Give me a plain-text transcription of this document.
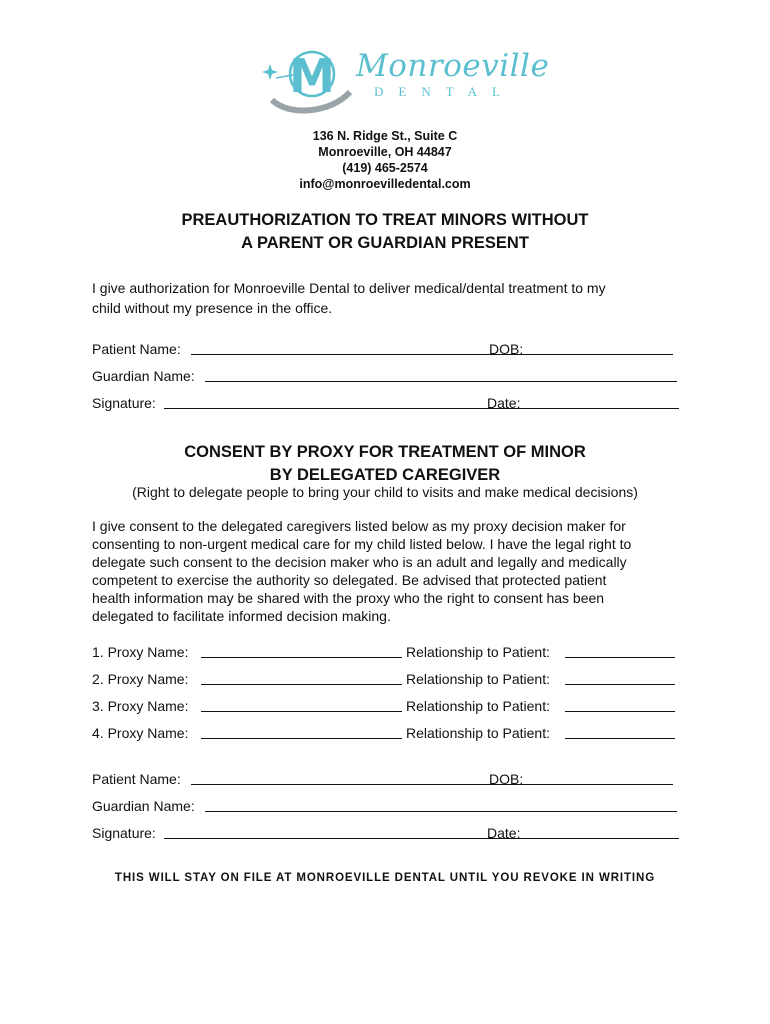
M Monroeville
DENTAL
136 N. Ridge St., Suite C
Monroeville, OH 44847
(419) 465-2574
info@monroevilledental.com
PREAUTHORIZATION TO TREAT MINORS WITHOUT
A PARENT OR GUARDIAN PRESENT
I give authorization for Monroeville Dental to deliver medical/dental treatment to my
child without my presence in the office.
Patient Name:	DOB:
Guardian Name:
Signature:	Date:
CONSENT BY PROXY FOR TREATMENT OF MINOR
BY DELEGATED CAREGIVER
(Right to delegate people to bring your child to visits and make medical decisions)
I give consent to the delegated caregivers listed below as my proxy decision maker for
consenting to non-urgent medical care for my child listed below. I have the legal right to
delegate such consent to the decision maker who is an adult and legally and medically
competent to exercise the authority so delegated. Be advised that protected patient
health information may be shared with the proxy who the right to consent has been
delegated to facilitate informed decision making.
1. Proxy Name:	Relationship to Patient:
2. Proxy Name:	Relationship to Patient:
3. Proxy Name:	Relationship to Patient:
4. Proxy Name:	Relationship to Patient:
Patient Name:	DOB:
Guardian Name:
Signature:	Date:
THIS WILL STAY ON FILE AT MONROEVILLE DENTAL UNTIL YOU REVOKE IN WRITING
